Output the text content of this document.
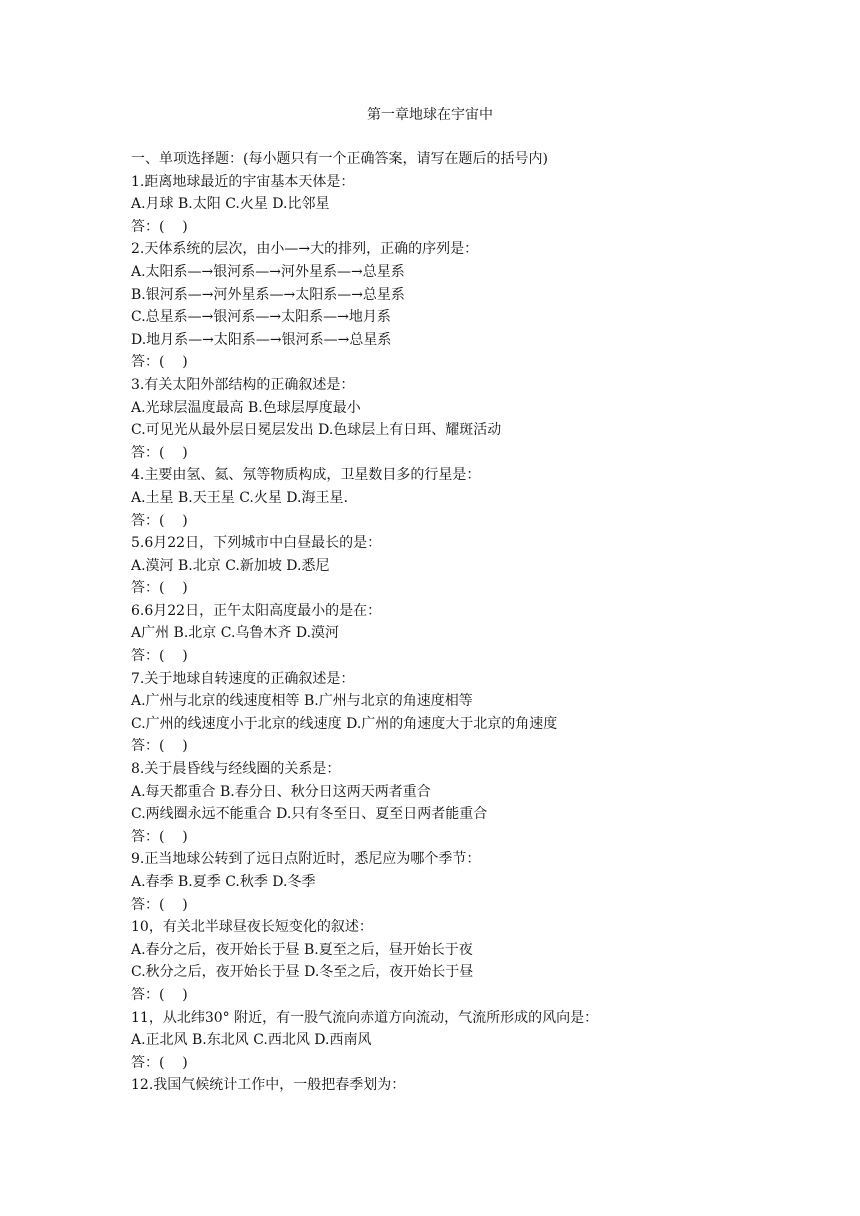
第一章地球在宇宙中
一、单项选择题：(每小题只有一个正确答案，请写在题后的括号内)
1.距离地球最近的宇宙基本天体是：
A.月球 B.太阳 C.火星 D.比邻星
答：(    )
2.天体系统的层次，由小—→大的排列，正确的序列是：
A.太阳系—→银河系—→河外星系—→总星系
B.银河系—→河外星系—→太阳系—→总星系
C.总星系—→银河系—→太阳系—→地月系
D.地月系—→太阳系—→银河系—→总星系
答：(    )
3.有关太阳外部结构的正确叙述是：
A.光球层温度最高 B.色球层厚度最小
C.可见光从最外层日冕层发出 D.色球层上有日珥、耀斑活动
答：(    )
4.主要由氢、氦、氖等物质构成，卫星数目多的行星是：
A.土星 B.天王星 C.火星 D.海王星.
答：(    )
5.6月22日，下列城市中白昼最长的是：
A.漠河 B.北京 C.新加坡 D.悉尼
答：(    )
6.6月22日，正午太阳高度最小的是在：
A广州 B.北京 C.乌鲁木齐 D.漠河
答：(    )
7.关于地球自转速度的正确叙述是：
A.广州与北京的线速度相等 B.广州与北京的角速度相等
C.广州的线速度小于北京的线速度 D.广州的角速度大于北京的角速度
答：(    )
8.关于晨昏线与经线圈的关系是：
A.每天都重合 B.春分日、秋分日这两天两者重合
C.两线圈永远不能重合 D.只有冬至日、夏至日两者能重合
答：(    )
9.正当地球公转到了远日点附近时，悉尼应为哪个季节：
A.春季 B.夏季 C.秋季 D.冬季
答：(    )
10，有关北半球昼夜长短变化的叙述：
A.春分之后，夜开始长于昼 B.夏至之后，昼开始长于夜
C.秋分之后，夜开始长于昼 D.冬至之后，夜开始长于昼
答：(    )
11，从北纬30° 附近，有一股气流向赤道方向流动，气流所形成的风向是：
A.正北风 B.东北风 C.西北风 D.西南风
答：(    )
12.我国气候统计工作中，一般把春季划为：
